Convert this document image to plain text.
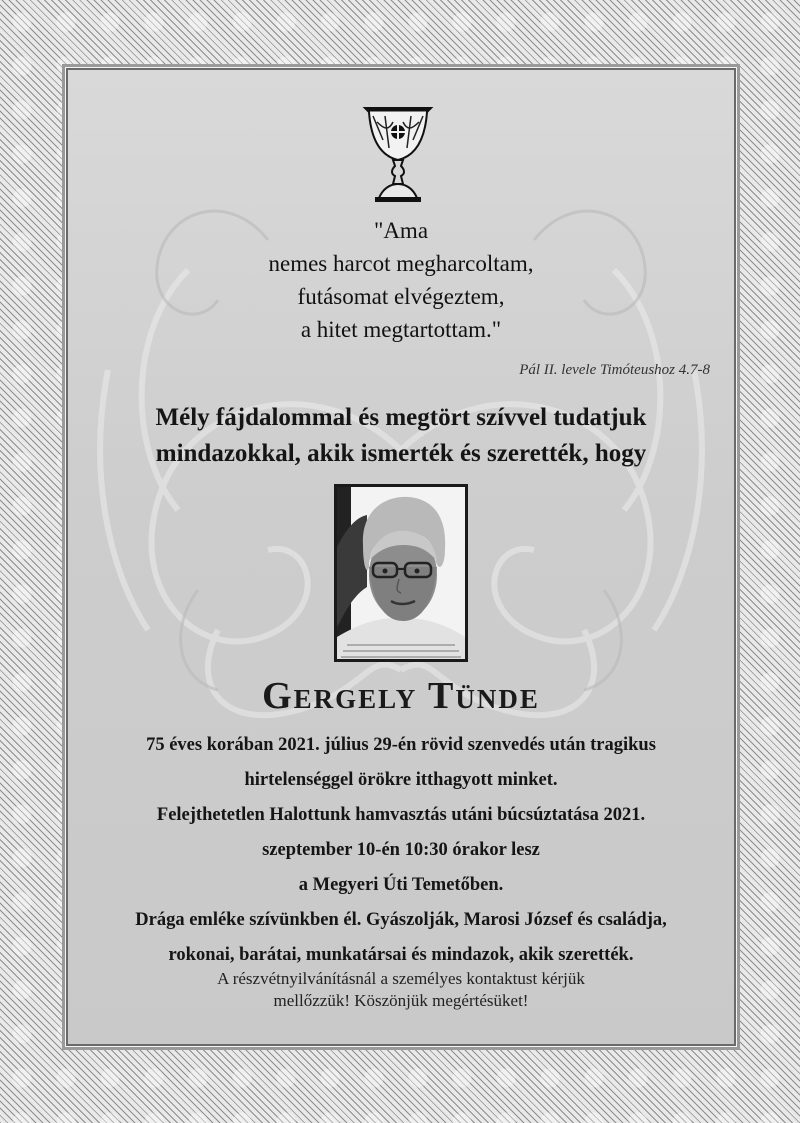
"Ama
nemes harcot megharcoltam,
futásomat elvégeztem,
a hitet megtartottam."
Pál II. levele Timóteushoz 4.7-8
Mély fájdalommal és megtört szívvel tudatjuk
mindazokkal, akik ismerték és szerették, hogy
Gergely Tünde
75 éves korában 2021. július 29-én rövid szenvedés után tragikus
hirtelenséggel örökre itthagyott minket.
Felejthetetlen Halottunk hamvasztás utáni búcsúztatása 2021.
szeptember 10-én 10:30 órakor lesz
a Megyeri Úti Temetőben.
Drága emléke szívünkben él. Gyászolják, Marosi József és családja,
rokonai, barátai, munkatársai és mindazok, akik szerették.
A részvétnyilvánításnál a személyes kontaktust kérjük
mellőzzük! Köszönjük megértésüket!
